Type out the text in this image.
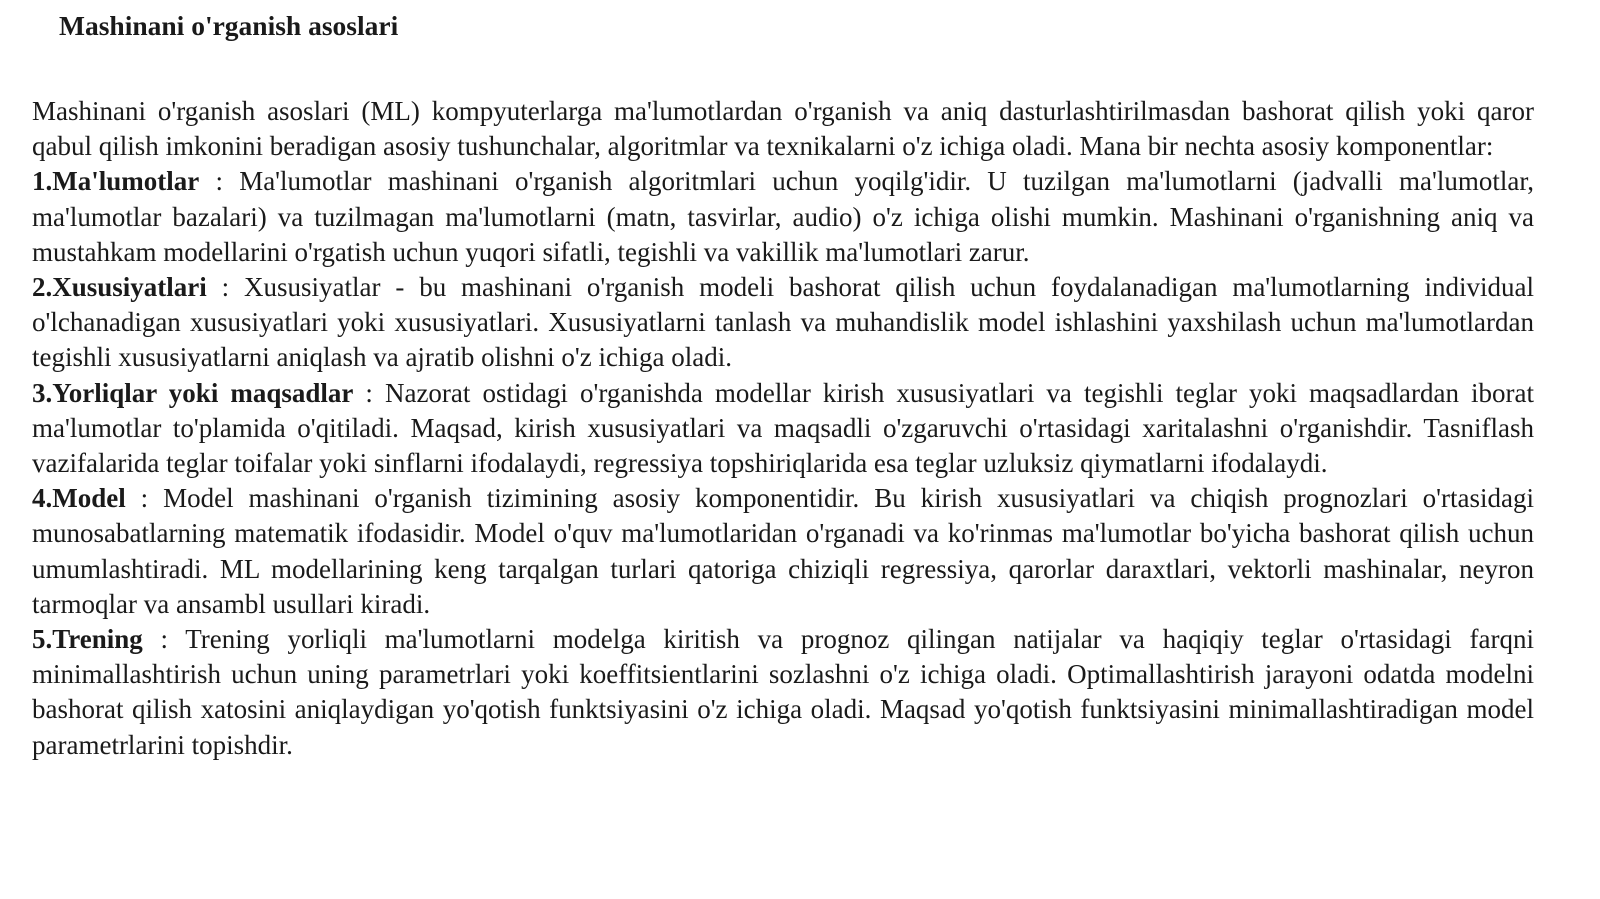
Mashinani o'rganish asoslari

Mashinani o'rganish asoslari (ML) kompyuterlarga ma'lumotlardan o'rganish va aniq dasturlashtirilmasdan bashorat qilish yoki qaror qabul qilish imkonini beradigan asosiy tushunchalar, algoritmlar va texnikalarni o'z ichiga oladi. Mana bir nechta asosiy komponentlar:

1.Ma'lumotlar : Ma'lumotlar mashinani o'rganish algoritmlari uchun yoqilg'idir. U tuzilgan ma'lumotlarni (jadvalli ma'lumotlar, ma'lumotlar bazalari) va tuzilmagan ma'lumotlarni (matn, tasvirlar, audio) o'z ichiga olishi mumkin. Mashinani o'rganishning aniq va mustahkam modellarini o'rgatish uchun yuqori sifatli, tegishli va vakillik ma'lumotlari zarur.

2.Xususiyatlari : Xususiyatlar - bu mashinani o'rganish modeli bashorat qilish uchun foydalanadigan ma'lumotlarning individual o'lchanadigan xususiyatlari yoki xususiyatlari. Xususiyatlarni tanlash va muhandislik model ishlashini yaxshilash uchun ma'lumotlardan tegishli xususiyatlarni aniqlash va ajratib olishni o'z ichiga oladi.

3.Yorliqlar yoki maqsadlar : Nazorat ostidagi o'rganishda modellar kirish xususiyatlari va tegishli teglar yoki maqsadlardan iborat ma'lumotlar to'plamida o'qitiladi. Maqsad, kirish xususiyatlari va maqsadli o'zgaruvchi o'rtasidagi xaritalashni o'rganishdir. Tasniflash vazifalarida teglar toifalar yoki sinflarni ifodalaydi, regressiya topshiriqlarida esa teglar uzluksiz qiymatlarni ifodalaydi.

4.Model : Model mashinani o'rganish tizimining asosiy komponentidir. Bu kirish xususiyatlari va chiqish prognozlari o'rtasidagi munosabatlarning matematik ifodasidir. Model o'quv ma'lumotlaridan o'rganadi va ko'rinmas ma'lumotlar bo'yicha bashorat qilish uchun umumlashtiradi. ML modellarining keng tarqalgan turlari qatoriga chiziqli regressiya, qarorlar daraxtlari, vektorli mashinalar, neyron tarmoqlar va ansambl usullari kiradi.

5.Trening : Trening yorliqli ma'lumotlarni modelga kiritish va prognoz qilingan natijalar va haqiqiy teglar o'rtasidagi farqni minimallashtirish uchun uning parametrlari yoki koeffitsientlarini sozlashni o'z ichiga oladi. Optimallashtirish jarayoni odatda modelni bashorat qilish xatosini aniqlaydigan yo'qotish funktsiyasini o'z ichiga oladi. Maqsad yo'qotish funktsiyasini minimallashtiradigan model parametrlarini topishdir.
